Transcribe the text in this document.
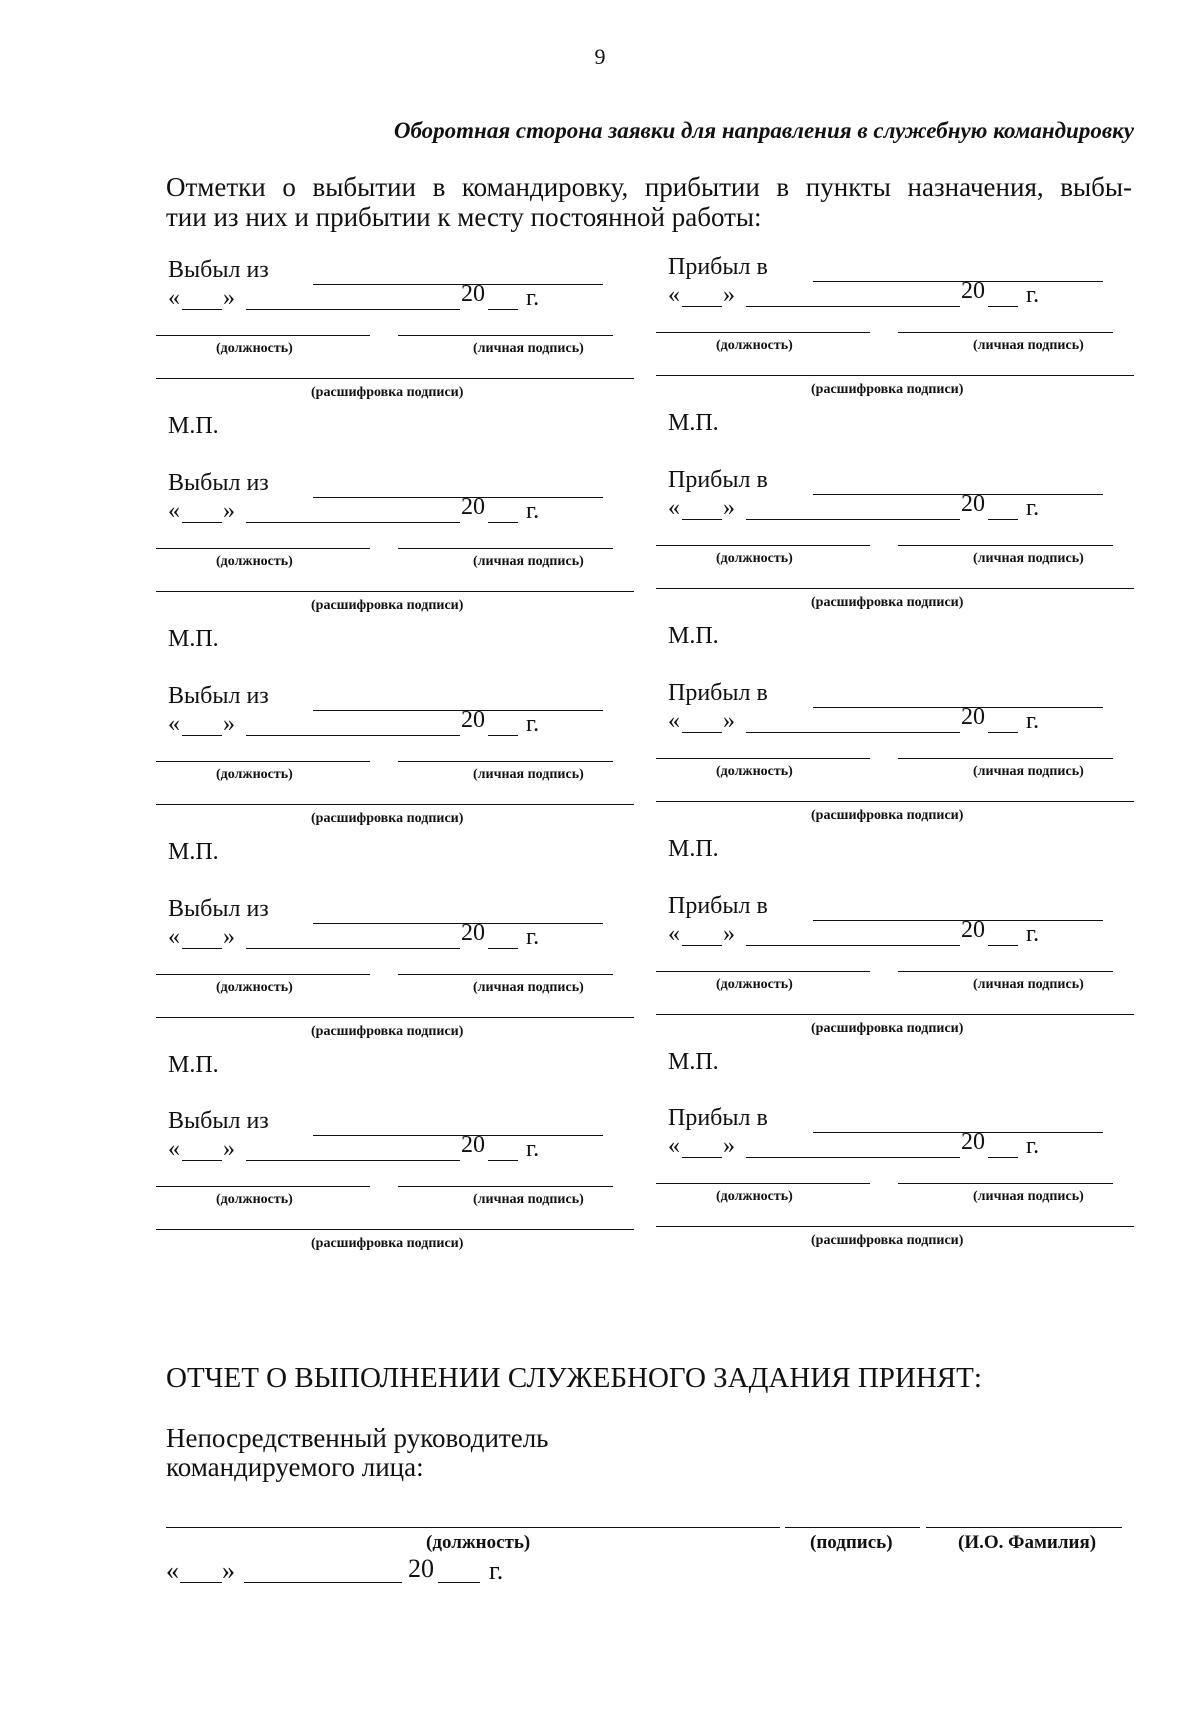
9
Оборотная сторона заявки для направления в служебную командировку
Отметки о выбытии в командировку, прибытии в пункты назначения, выбы-
тии из них и прибытии к месту постоянной работы:
Выбыл из
« »	20 г.
(должность)	(личная подпись)
(расшифровка подписи)
М.П.
Прибыл в
« »	20 г.
(должность)	(личная подпись)
(расшифровка подписи)
М.П.
Выбыл из
« »	20 г.
(должность)	(личная подпись)
(расшифровка подписи)
М.П.
Прибыл в
« »	20 г.
(должность)	(личная подпись)
(расшифровка подписи)
М.П.
Выбыл из
« »	20 г.
(должность)	(личная подпись)
(расшифровка подписи)
М.П.
Прибыл в
« »	20 г.
(должность)	(личная подпись)
(расшифровка подписи)
М.П.
Выбыл из
« »	20 г.
(должность)	(личная подпись)
(расшифровка подписи)
М.П.
Прибыл в
« »	20 г.
(должность)	(личная подпись)
(расшифровка подписи)
М.П.
Выбыл из
« »	20 г.
(должность)	(личная подпись)
(расшифровка подписи)
Прибыл в
« »	20 г.
(должность)	(личная подпись)
(расшифровка подписи)
ОТЧЕТ О ВЫПОЛНЕНИИ СЛУЖЕБНОГО ЗАДАНИЯ ПРИНЯТ:
Непосредственный руководитель
командируемого лица:
(должность)	(подпись)	(И.О. Фамилия)
« »	20 г.
